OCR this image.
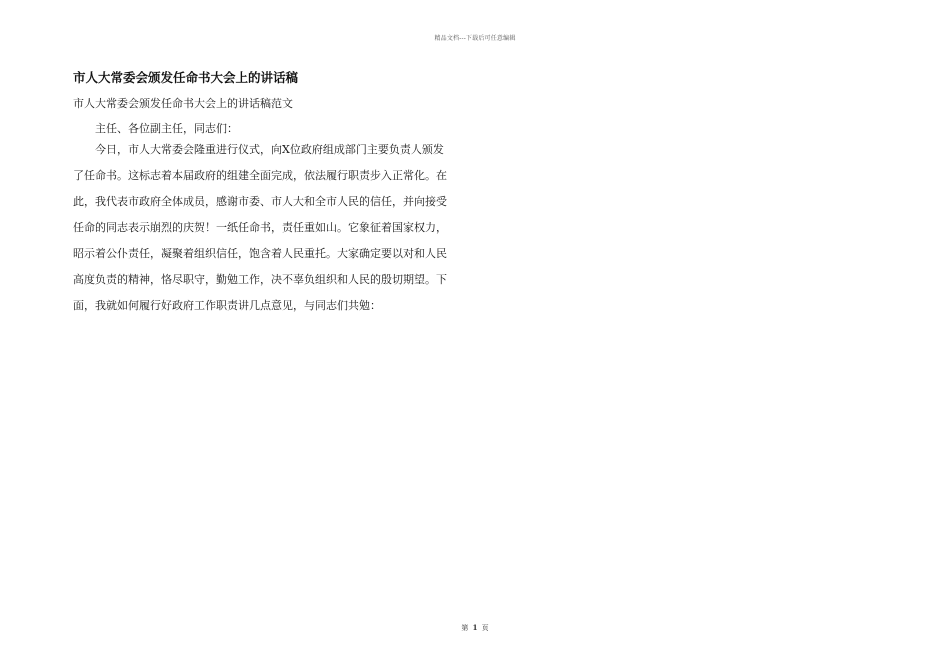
精品文档---下载后可任意编辑
市人大常委会颁发任命书大会上的讲话稿
市人大常委会颁发任命书大会上的讲话稿范文
主任、各位副主任，同志们：
今日，市人大常委会隆重进行仪式，向X位政府组成部门主要负责人颁发
了任命书。这标志着本届政府的组建全面完成，依法履行职责步入正常化。在
此，我代表市政府全体成员，感谢市委、市人大和全市人民的信任，并向接受
任命的同志表示崩烈的庆贺！一纸任命书，责任重如山。它象征着国家权力，
昭示着公仆责任，凝聚着组织信任，饱含着人民重托。大家确定要以对和人民
高度负责的精神，恪尽职守，勤勉工作，决不辜负组织和人民的殷切期望。下
面，我就如何履行好政府工作职责讲几点意见，与同志们共勉：
第 1 页
